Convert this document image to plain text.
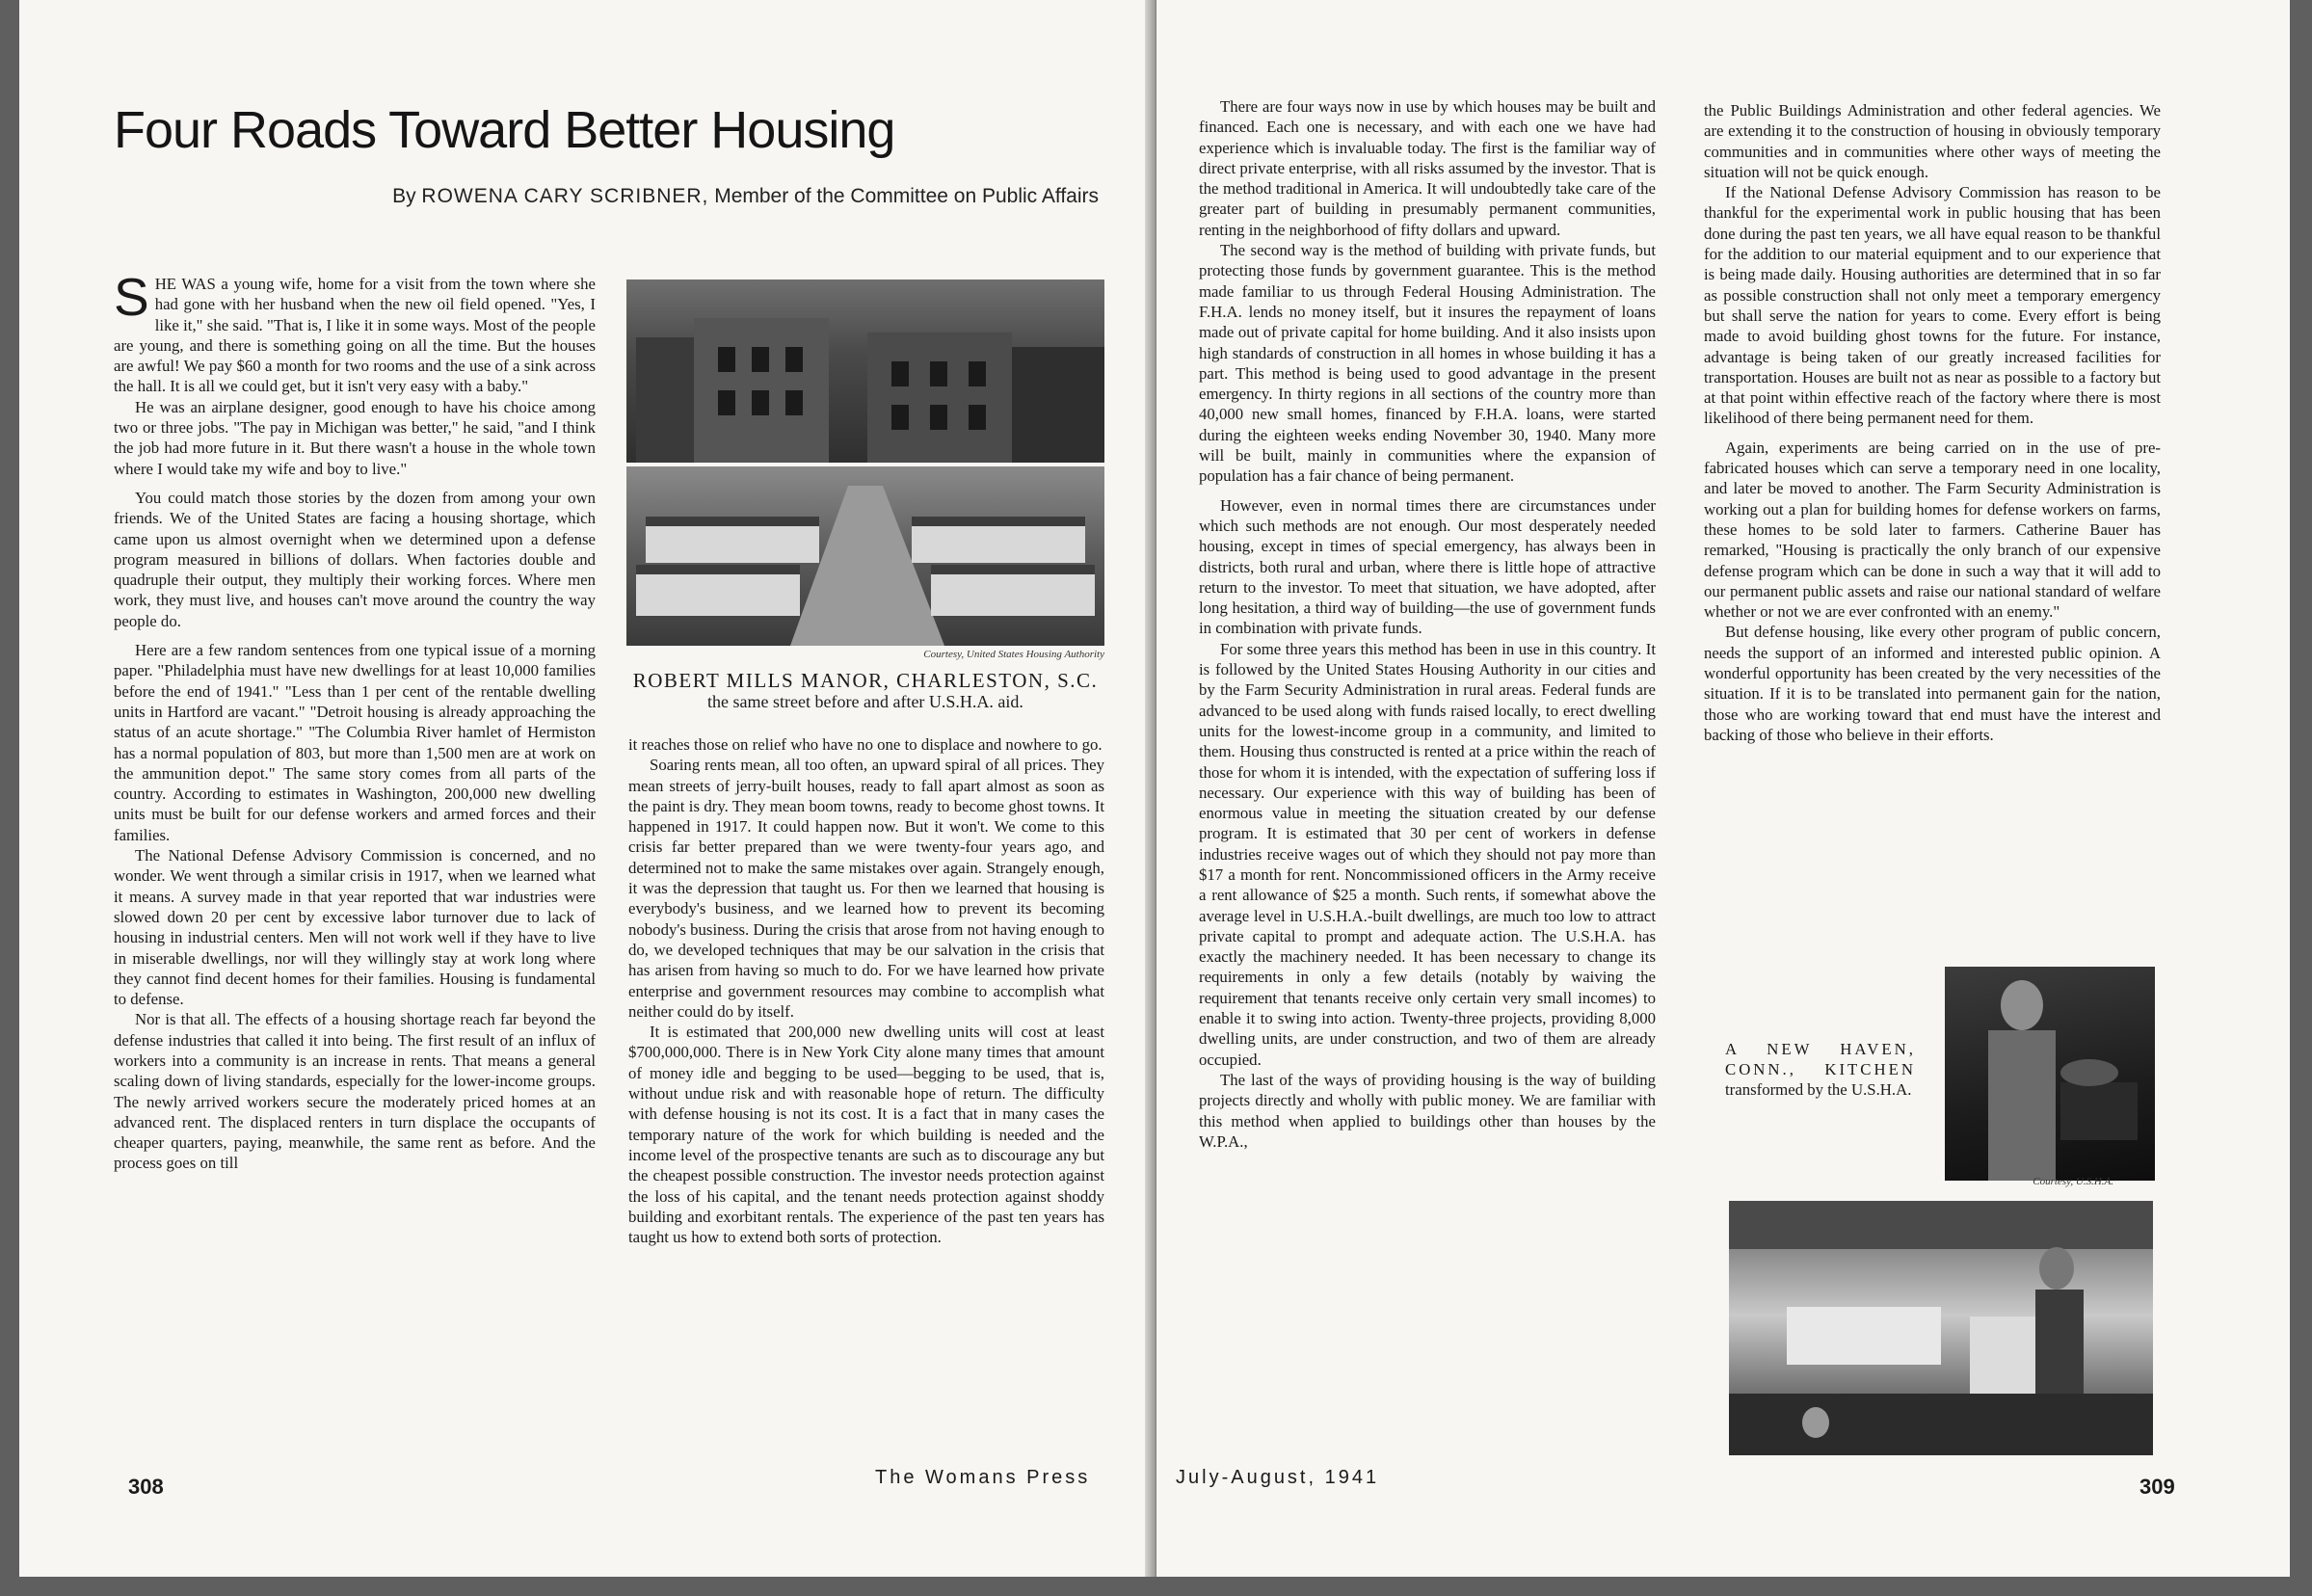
Four Roads Toward Better Housing
By ROWENA CARY SCRIBNER, Member of the Committee on Public Affairs

SHE WAS a young wife, home for a visit from the town where she had gone with her husband when the new oil field opened. "Yes, I like it," she said. "That is, I like it in some ways. Most of the people are young, and there is something going on all the time. But the houses are awful! We pay $60 a month for two rooms and the use of a sink across the hall. It is all we could get, but it isn't very easy with a baby."

He was an airplane designer, good enough to have his choice among two or three jobs. "The pay in Michigan was better," he said, "and I think the job had more future in it. But there wasn't a house in the whole town where I would take my wife and boy to live."

You could match those stories by the dozen from among your own friends. We of the United States are facing a housing shortage, which came upon us almost overnight when we determined upon a defense program measured in billions of dollars. When factories double and quadruple their output, they multiply their working forces. Where men work, they must live, and houses can't move around the country the way people do.

Here are a few random sentences from one typical issue of a morning paper. "Philadelphia must have new dwellings for at least 10,000 families before the end of 1941." "Less than 1 per cent of the rentable dwelling units in Hartford are vacant." "Detroit housing is already approaching the status of an acute shortage." "The Columbia River hamlet of Hermiston has a normal population of 803, but more than 1,500 men are at work on the ammunition depot." The same story comes from all parts of the country. According to estimates in Washington, 200,000 new dwelling units must be built for our defense workers and armed forces and their families.

The National Defense Advisory Commission is concerned, and no wonder. We went through a similar crisis in 1917, when we learned what it means. A survey made in that year reported that war industries were slowed down 20 per cent by excessive labor turnover due to lack of housing in industrial centers. Men will not work well if they have to live in miserable dwellings, nor will they willingly stay at work long where they cannot find decent homes for their families. Housing is fundamental to defense.

Nor is that all. The effects of a housing shortage reach far beyond the defense industries that called it into being. The first result of an influx of workers into a community is an increase in rents. That means a general scaling down of living standards, especially for the lower-income groups. The newly arrived workers secure the moderately priced homes at an advanced rent. The displaced renters in turn displace the occupants of cheaper quarters, paying, meanwhile, the same rent as before. And the process goes on till

Courtesy, United States Housing Authority
ROBERT MILLS MANOR, CHARLESTON, S.C.
the same street before and after U.S.H.A. aid.

it reaches those on relief who have no one to displace and nowhere to go.

Soaring rents mean, all too often, an upward spiral of all prices. They mean streets of jerry-built houses, ready to fall apart almost as soon as the paint is dry. They mean boom towns, ready to become ghost towns. It happened in 1917. It could happen now. But it won't. We come to this crisis far better prepared than we were twenty-four years ago, and determined not to make the same mistakes over again. Strangely enough, it was the depression that taught us. For then we learned that housing is everybody's business, and we learned how to prevent its becoming nobody's business. During the crisis that arose from not having enough to do, we developed techniques that may be our salvation in the crisis that has arisen from having so much to do. For we have learned how private enterprise and government resources may combine to accomplish what neither could do by itself.

It is estimated that 200,000 new dwelling units will cost at least $700,000,000. There is in New York City alone many times that amount of money idle and begging to be used—begging to be used, that is, without undue risk and with reasonable hope of return. The difficulty with defense housing is not its cost. It is a fact that in many cases the temporary nature of the work for which building is needed and the income level of the prospective tenants are such as to discourage any but the cheapest possible construction. The investor needs protection against the loss of his capital, and the tenant needs protection against shoddy building and exorbitant rentals. The experience of the past ten years has taught us how to extend both sorts of protection.

308	The Womans Press

There are four ways now in use by which houses may be built and financed. Each one is necessary, and with each one we have had experience which is invaluable today. The first is the familiar way of direct private enterprise, with all risks assumed by the investor. That is the method traditional in America. It will undoubtedly take care of the greater part of building in presumably permanent communities, renting in the neighborhood of fifty dollars and upward.

The second way is the method of building with private funds, but protecting those funds by government guarantee. This is the method made familiar to us through Federal Housing Administration. The F.H.A. lends no money itself, but it insures the repayment of loans made out of private capital for home building. And it also insists upon high standards of construction in all homes in whose building it has a part. This method is being used to good advantage in the present emergency. In thirty regions in all sections of the country more than 40,000 new small homes, financed by F.H.A. loans, were started during the eighteen weeks ending November 30, 1940. Many more will be built, mainly in communities where the expansion of population has a fair chance of being permanent.

However, even in normal times there are circumstances under which such methods are not enough. Our most desperately needed housing, except in times of special emergency, has always been in districts, both rural and urban, where there is little hope of attractive return to the investor. To meet that situation, we have adopted, after long hesitation, a third way of building—the use of government funds in combination with private funds.

For some three years this method has been in use in this country. It is followed by the United States Housing Authority in our cities and by the Farm Security Administration in rural areas. Federal funds are advanced to be used along with funds raised locally, to erect dwelling units for the lowest-income group in a community, and limited to them. Housing thus constructed is rented at a price within the reach of those for whom it is intended, with the expectation of suffering loss if necessary. Our experience with this way of building has been of enormous value in meeting the situation created by our defense program. It is estimated that 30 per cent of workers in defense industries receive wages out of which they should not pay more than $17 a month for rent. Noncommissioned officers in the Army receive a rent allowance of $25 a month. Such rents, if somewhat above the average level in U.S.H.A.-built dwellings, are much too low to attract private capital to prompt and adequate action. The U.S.H.A. has exactly the machinery needed. It has been necessary to change its requirements in only a few details (notably by waiving the requirement that tenants receive only certain very small incomes) to enable it to swing into action. Twenty-three projects, providing 8,000 dwelling units, are under construction, and two of them are already occupied.

The last of the ways of providing housing is the way of building projects directly and wholly with public money. We are familiar with this method when applied to buildings other than houses by the W.P.A.,

the Public Buildings Administration and other federal agencies. We are extending it to the construction of housing in obviously temporary communities and in communities where other ways of meeting the situation will not be quick enough.

If the National Defense Advisory Commission has reason to be thankful for the experimental work in public housing that has been done during the past ten years, we all have equal reason to be thankful for the addition to our material equipment and to our experience that is being made daily. Housing authorities are determined that in so far as possible construction shall not only meet a temporary emergency but shall serve the nation for years to come. Every effort is being made to avoid building ghost towns for the future. For instance, advantage is being taken of our greatly increased facilities for transportation. Houses are built not as near as possible to a factory but at that point within effective reach of the factory where there is most likelihood of there being permanent need for them.

Again, experiments are being carried on in the use of pre-fabricated houses which can serve a temporary need in one locality, and later be moved to another. The Farm Security Administration is working out a plan for building homes for defense workers on farms, these homes to be sold later to farmers. Catherine Bauer has remarked, "Housing is practically the only branch of our expensive defense program which can be done in such a way that it will add to our permanent public assets and raise our national standard of welfare whether or not we are ever confronted with an enemy."

But defense housing, like every other program of public concern, needs the support of an informed and interested public opinion. A wonderful opportunity has been created by the very necessities of the situation. If it is to be translated into permanent gain for the nation, those who are working toward that end must have the interest and backing of those who believe in their efforts.

A NEW HAVEN, CONN., KITCHEN transformed by the U.S.H.A.
Courtesy, U.S.H.A.
July-August, 1941	309
